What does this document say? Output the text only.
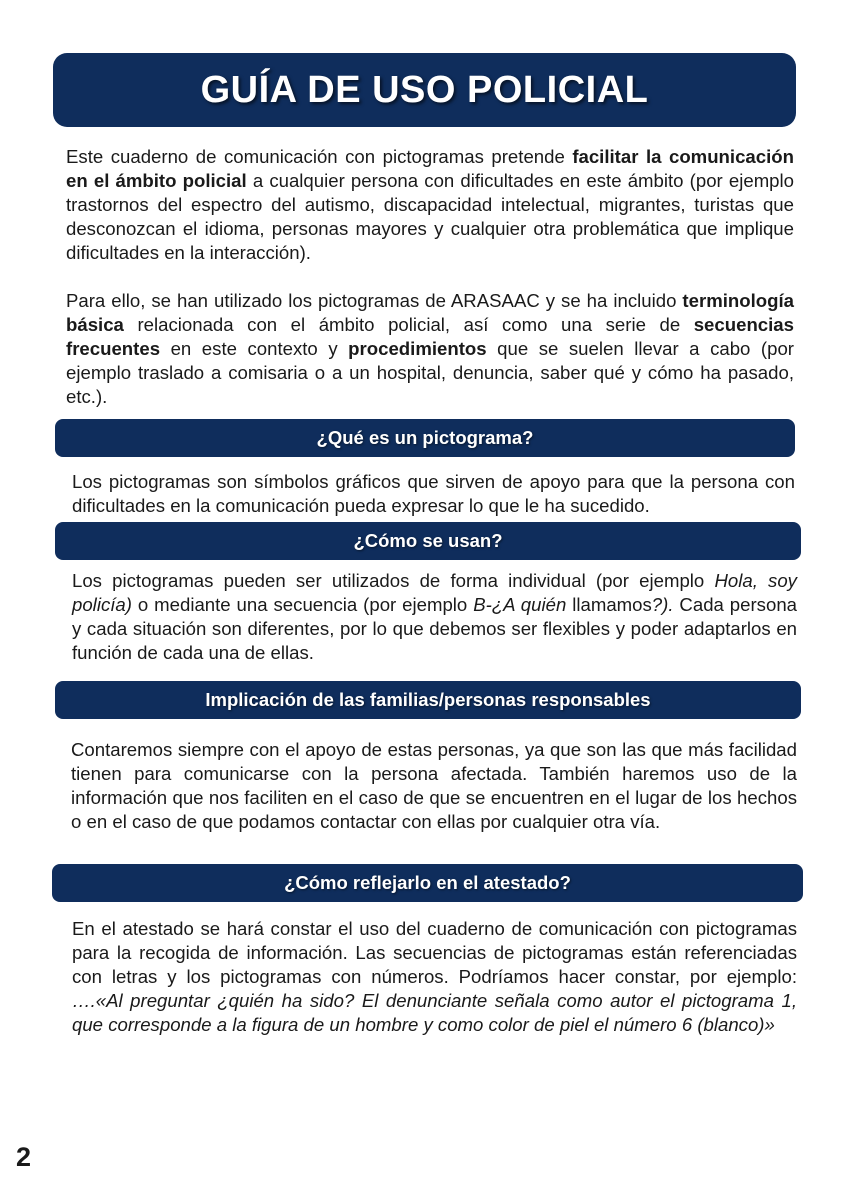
GUÍA DE USO POLICIAL

Este cuaderno de comunicación con pictogramas pretende facilitar la comunicación en el ámbito policial a cualquier persona con dificultades en este ámbito (por ejemplo trastornos del espectro del autismo, discapacidad intelectual, migrantes, turistas que desconozcan el idioma, personas mayores y cualquier otra problemática que implique dificultades en la interacción).

Para ello, se han utilizado los pictogramas de ARASAAC y se ha incluido terminología básica relacionada con el ámbito policial, así como una serie de secuencias frecuentes en este contexto y procedimientos que se suelen llevar a cabo (por ejemplo traslado a comisaria o a un hospital, denuncia, saber qué y cómo ha pasado, etc.).

¿Qué es un pictograma?

Los pictogramas son símbolos gráficos que sirven de apoyo para que la persona con dificultades en la comunicación pueda expresar lo que le ha sucedido.

¿Cómo se usan?

Los pictogramas pueden ser utilizados de forma individual (por ejemplo Hola, soy policía) o mediante una secuencia (por ejemplo B-¿A quién llamamos?). Cada persona y cada situación son diferentes, por lo que debemos ser flexibles y poder adaptarlos en función de cada una de ellas.

Implicación de las familias/personas responsables

Contaremos siempre con el apoyo de estas personas, ya que son las que más facilidad tienen para comunicarse con la persona afectada. También haremos uso de la información que nos faciliten en el caso de que se encuentren en el lugar de los hechos o en el caso de que podamos contactar con ellas por cualquier otra vía.

¿Cómo reflejarlo en el atestado?

En el atestado se hará constar el uso del cuaderno de comunicación con pictogramas para la recogida de información. Las secuencias de pictogramas están referenciadas con letras y los pictogramas con números. Podríamos hacer constar, por ejemplo: ….«Al preguntar ¿quién ha sido? El denunciante señala como autor el pictograma 1, que corresponde a la figura de un hombre y como color de piel el número 6 (blanco)»

2
